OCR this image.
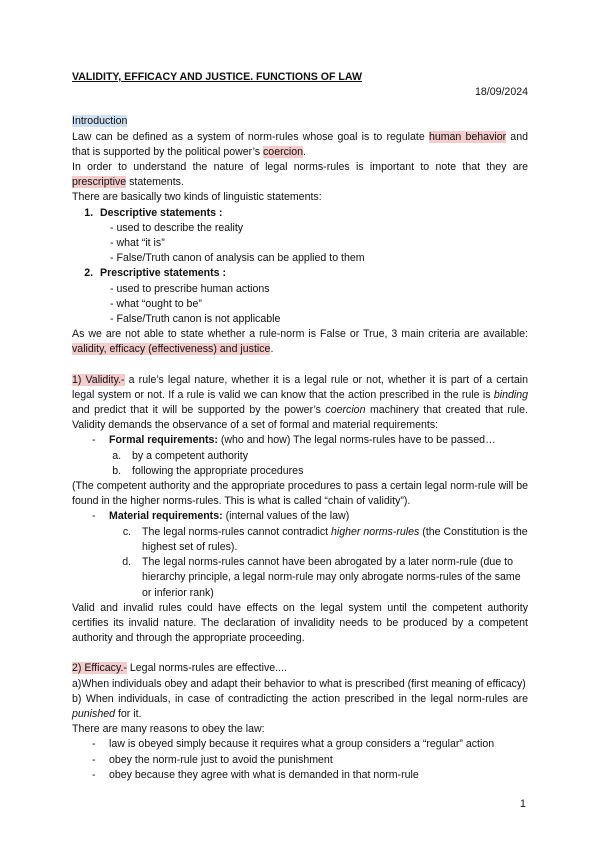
VALIDITY, EFFICACY AND JUSTICE. FUNCTIONS OF LAW

18/09/2024

Introduction

Law can be defined as a system of norm-rules whose goal is to regulate human behavior and that is supported by the political power’s coercion.

In order to understand the nature of legal norms-rules is important to note that they are prescriptive statements.

There are basically two kinds of linguistic statements:

1. Descriptive statements :
- used to describe the reality
- what “it is”
- False/Truth canon of analysis can be applied to them
2. Prescriptive statements :
- used to prescribe human actions
- what “ought to be”
- False/Truth canon is not applicable

As we are not able to state whether a rule-norm is False or True, 3 main criteria are available: validity, efficacy (effectiveness) and justice.

1) Validity.- a rule’s legal nature, whether it is a legal rule or not, whether it is part of a certain legal system or not. If a rule is valid we can know that the action prescribed in the rule is binding and predict that it will be supported by the power’s coercion machinery that created that rule. Validity demands the observance of a set of formal and material requirements:

- Formal requirements: (who and how) The legal norms-rules have to be passed…
a. by a competent authority
b. following the appropriate procedures

(The competent authority and the appropriate procedures to pass a certain legal norm-rule will be found in the higher norms-rules. This is what is called “chain of validity”).

- Material requirements: (internal values of the law)
c. The legal norms-rules cannot contradict higher norms-rules (the Constitution is the highest set of rules).
d. The legal norms-rules cannot have been abrogated by a later norm-rule (due to hierarchy principle, a legal norm-rule may only abrogate norms-rules of the same or inferior rank)

Valid and invalid rules could have effects on the legal system until the competent authority certifies its invalid nature. The declaration of invalidity needs to be produced by a competent authority and through the appropriate proceeding.

2) Efficacy.- Legal norms-rules are effective....

a)When individuals obey and adapt their behavior to what is prescribed (first meaning of efficacy)

b) When individuals, in case of contradicting the action prescribed in the legal norm-rules are punished for it.

There are many reasons to obey the law:

- law is obeyed simply because it requires what a group considers a “regular” action
- obey the norm-rule just to avoid the punishment
- obey because they agree with what is demanded in that norm-rule
1
